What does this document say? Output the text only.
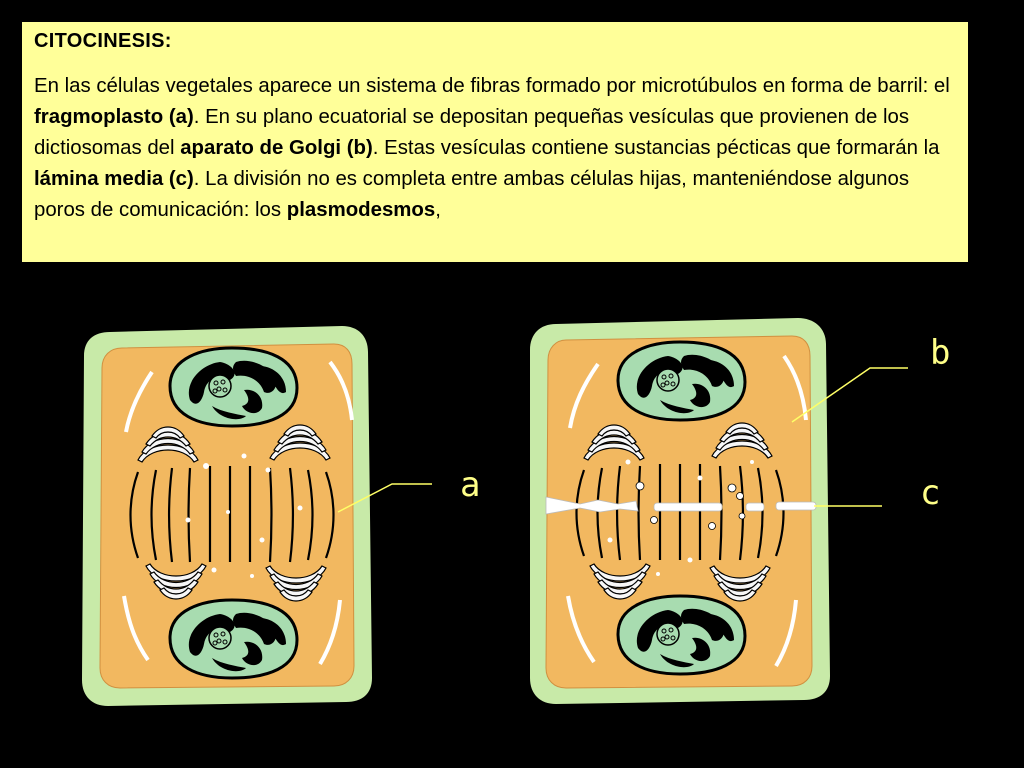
CITOCINESIS:

En las células vegetales aparece un sistema de fibras formado por microtúbulos en forma de barril: el fragmoplasto (a). En su plano ecuatorial se depositan pequeñas vesículas que provienen de los dictiosomas del aparato de Golgi (b). Estas vesículas contiene sustancias pécticas que formarán la lámina media (c). La división no es completa entre ambas células hijas, manteniéndose algunos poros de comunicación: los plasmodesmos,

a
b
c
